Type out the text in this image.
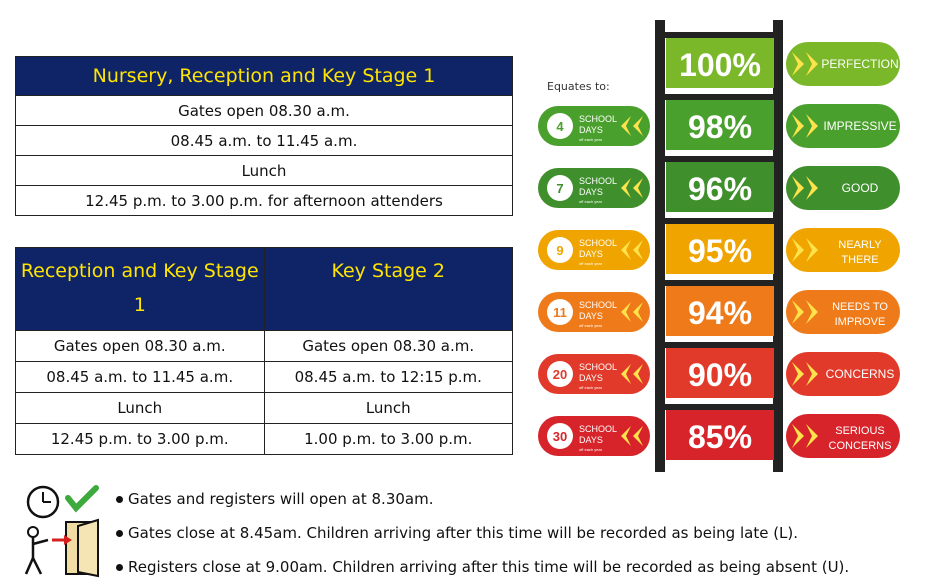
Nursery, Reception and Key Stage 1
Gates open 08.30 a.m.
08.45 a.m. to 11.45 a.m.
Lunch
12.45 p.m. to 3.00 p.m. for afternoon attenders
Reception and Key Stage 1	Key Stage 2
Gates open 08.30 a.m.	Gates open 08.30 a.m.
08.45 a.m. to 11.45 a.m.	08.45 a.m. to 12:15 p.m.
Lunch	Lunch
12.45 p.m. to 3.00 p.m.	1.00 p.m. to 3.00 p.m.
Equates to:
100%	PERFECTION
98%	IMPRESSIVE
4 SCHOOL
DAYS
off each year
96%	GOOD
7 SCHOOL
DAYS
off each year
95%	NEARLY
THERE
9 SCHOOL
DAYS
off each year
94%	NEEDS TO
IMPROVE
11 SCHOOL
DAYS
off each year
90%	CONCERNS
20 SCHOOL
DAYS
off each year
85%	SERIOUS
CONCERNS
30 SCHOOL
DAYS
off each year
Gates and registers will open at 8.30am.
Gates close at 8.45am. Children arriving after this time will be recorded as being late (L).
Registers close at 9.00am. Children arriving after this time will be recorded as being absent (U).
